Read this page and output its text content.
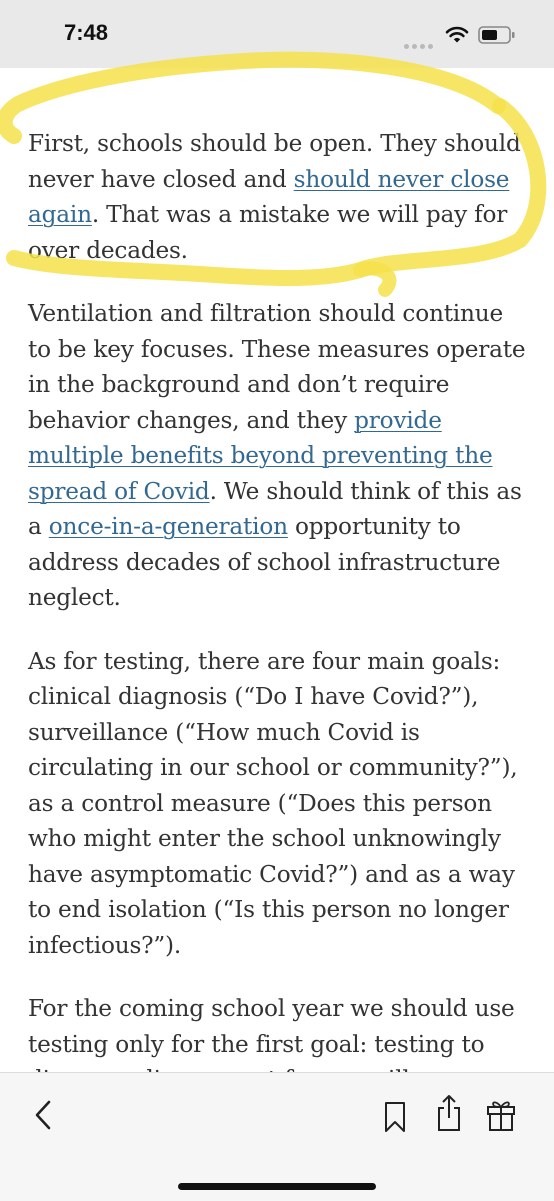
7:48

First, schools should be open. They should never have closed and should never close again. That was a mistake we will pay for over decades.

Ventilation and filtration should continue to be key focuses. These measures operate in the background and don’t require behavior changes, and they provide multiple benefits beyond preventing the spread of Covid. We should think of this as a once-in-a-generation opportunity to address decades of school infrastructure neglect.

As for testing, there are four main goals: clinical diagnosis (“Do I have Covid?”), surveillance (“How much Covid is circulating in our school or community?”), as a control measure (“Does this person who might enter the school unknowingly have asymptomatic Covid?”) and as a way to end isolation (“Is this person no longer infectious?”).

For the coming school year we should use testing only for the first goal: testing to
